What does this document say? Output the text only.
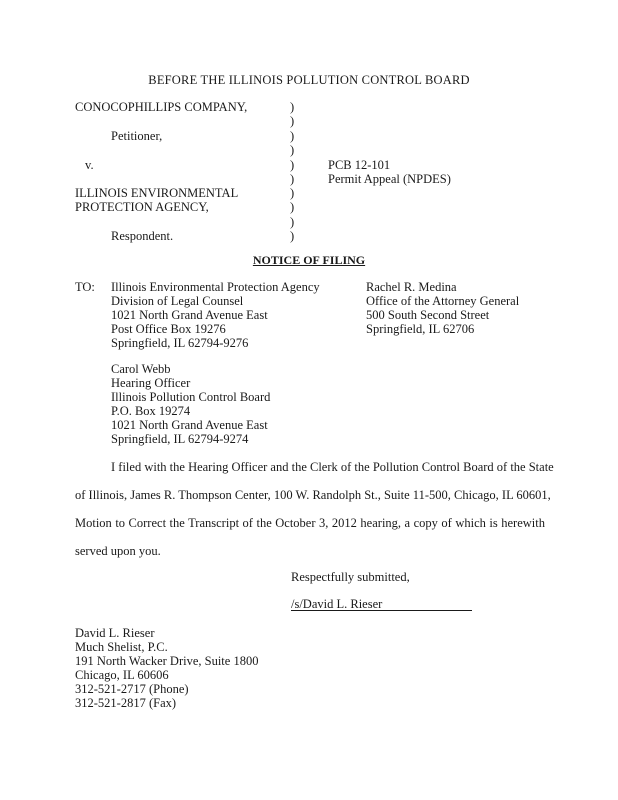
BEFORE THE ILLINOIS POLLUTION CONTROL BOARD
CONOCOPHILLIPS COMPANY,
Petitioner,
v.
ILLINOIS ENVIRONMENTAL
PROTECTION AGENCY,
Respondent.
)
)
)
)
)
)
)
)
)
)
PCB 12-101
Permit Appeal (NPDES)
NOTICE OF FILING
TO: Illinois Environmental Protection Agency
Division of Legal Counsel
1021 North Grand Avenue East
Post Office Box 19276
Springfield, IL 62794-9276
Rachel R. Medina
Office of the Attorney General
500 South Second Street
Springfield, IL 62706
Carol Webb
Hearing Officer
Illinois Pollution Control Board
P.O. Box 19274
1021 North Grand Avenue East
Springfield, IL 62794-9274
I filed with the Hearing Officer and the Clerk of the Pollution Control Board of the State
of Illinois, James R. Thompson Center, 100 W. Randolph St., Suite 11-500, Chicago, IL 60601,
Motion to Correct the Transcript of the October 3, 2012 hearing, a copy of which is herewith
served upon you.
Respectfully submitted,
/s/David L. Rieser
David L. Rieser
Much Shelist, P.C.
191 North Wacker Drive, Suite 1800
Chicago, IL 60606
312-521-2717 (Phone)
312-521-2817 (Fax)
